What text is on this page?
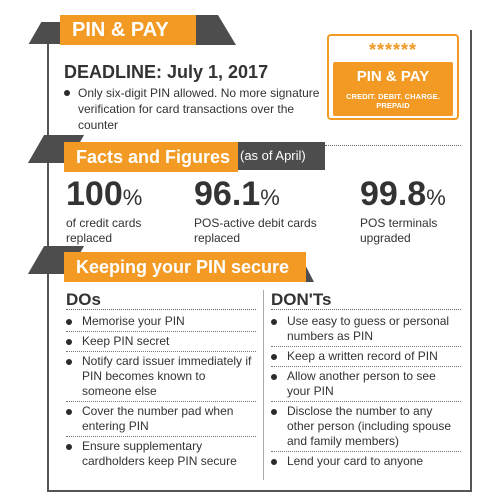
PIN & PAY
DEADLINE: July 1, 2017
Only six-digit PIN allowed. No more signature verification for card transactions over the counter
******
PIN & PAY
CREDIT. DEBIT. CHARGE. PREPAID
Facts and Figures (as of April)
100%
of credit cards
replaced
96.1%
POS-active debit cards
replaced
99.8%
POS terminals
upgraded
Keeping your PIN secure
DOs	DON'Ts
Memorise your PIN
Keep PIN secret
Notify card issuer immediately if PIN becomes known to someone else
Cover the number pad when entering PIN
Ensure supplementary cardholders keep PIN secure
Use easy to guess or personal numbers as PIN
Keep a written record of PIN
Allow another person to see your PIN
Disclose the number to any other person (including spouse and family members)
Lend your card to anyone
